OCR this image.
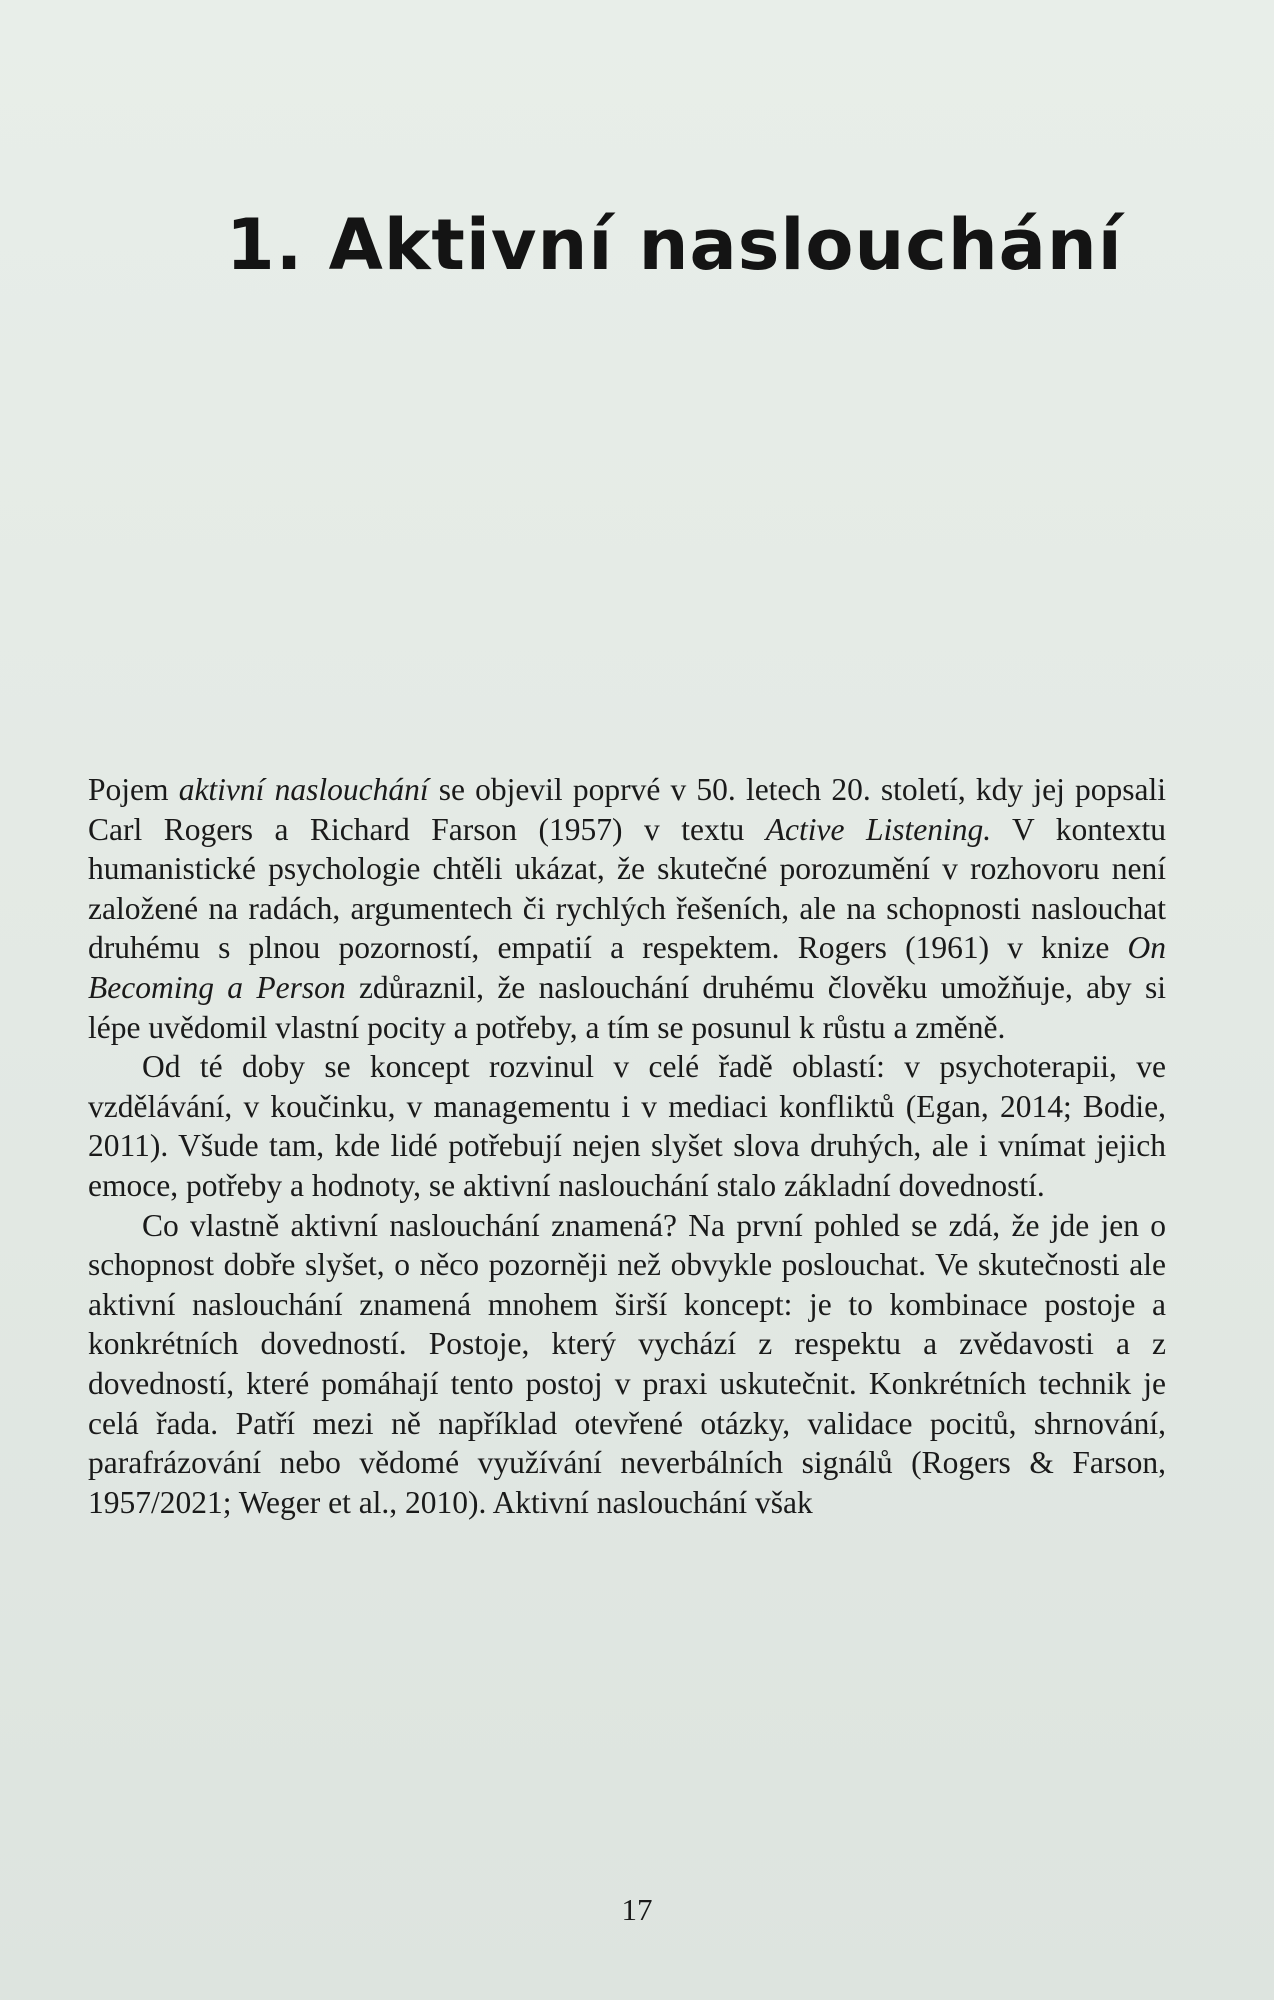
1. Aktivní naslouchání

Pojem aktivní naslouchání se objevil poprvé v 50. letech 20. století, kdy jej popsali Carl Rogers a Richard Farson (1957) v textu Active Listening. V kontextu humanistické psychologie chtěli ukázat, že skutečné porozumění v rozhovoru není založené na radách, argumentech či rychlých řešeních, ale na schopnosti naslouchat druhému s plnou pozorností, empatií a respektem. Rogers (1961) v knize On Becoming a Person zdůraznil, že naslouchání druhému člověku umožňuje, aby si lépe uvědomil vlastní pocity a potřeby, a tím se posunul k růstu a změně.

Od té doby se koncept rozvinul v celé řadě oblastí: v psychoterapii, ve vzdělávání, v koučinku, v managementu i v mediaci konfliktů (Egan, 2014; Bodie, 2011). Všude tam, kde lidé potřebují nejen slyšet slova druhých, ale i vnímat jejich emoce, potřeby a hodnoty, se aktivní naslouchání stalo základní dovedností.

Co vlastně aktivní naslouchání znamená? Na první pohled se zdá, že jde jen o schopnost dobře slyšet, o něco pozorněji než obvykle poslouchat. Ve skutečnosti ale aktivní naslouchání znamená mnohem širší koncept: je to kombinace postoje a konkrétních dovedností. Postoje, který vychází z respektu a zvědavosti a z dovedností, které pomáhají tento postoj v praxi uskutečnit. Konkrétních technik je celá řada. Patří mezi ně například otevřené otázky, validace pocitů, shrnování, parafrázování nebo vědomé využívání neverbálních signálů (Rogers & Farson, 1957/2021; Weger et al., 2010). Aktivní naslouchání však

17
